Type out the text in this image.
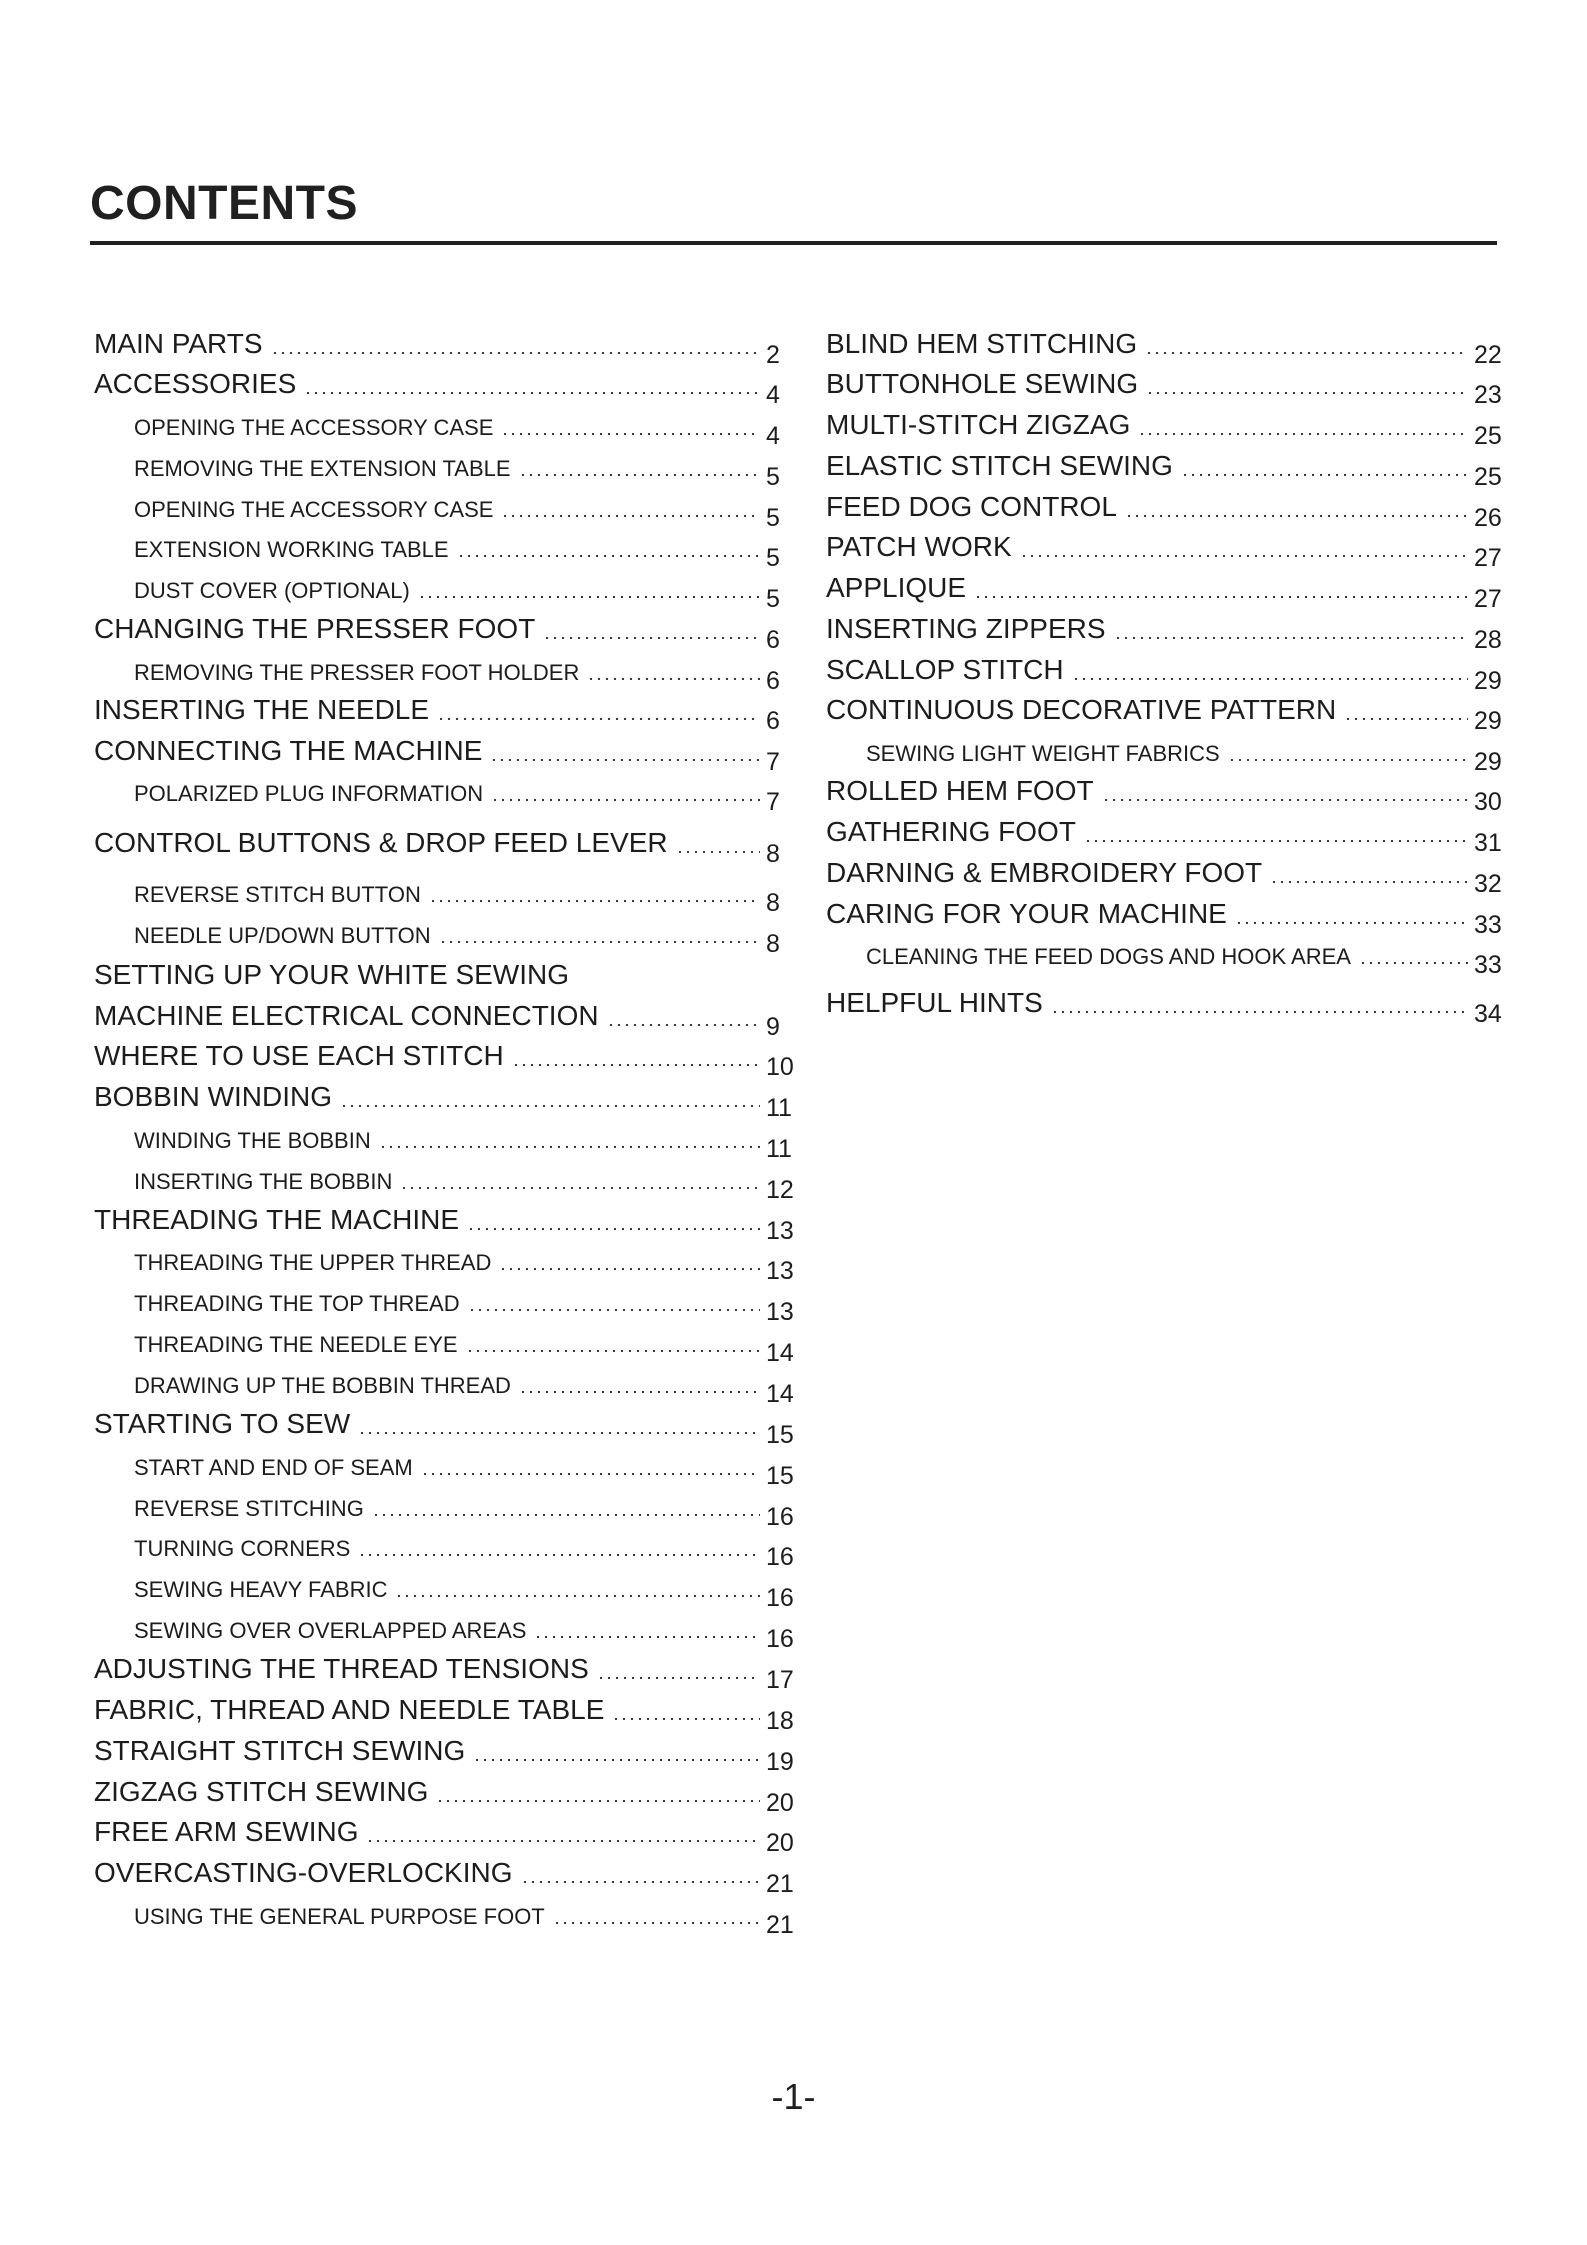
CONTENTS
MAIN PARTS	2
ACCESSORIES	4
OPENING THE ACCESSORY CASE	4
REMOVING THE EXTENSION TABLE	5
OPENING THE ACCESSORY CASE	5
EXTENSION WORKING TABLE	5
DUST COVER (OPTIONAL)	5
CHANGING THE PRESSER FOOT	6
REMOVING THE PRESSER FOOT HOLDER	6
INSERTING THE NEEDLE	6
CONNECTING THE MACHINE	7
POLARIZED PLUG INFORMATION	7
CONTROL BUTTONS & DROP FEED LEVER	8
REVERSE STITCH BUTTON	8
NEEDLE UP/DOWN BUTTON	8
SETTING UP YOUR WHITE SEWING
MACHINE ELECTRICAL CONNECTION	9
WHERE TO USE EACH STITCH	10
BOBBIN WINDING	11
WINDING THE BOBBIN	11
INSERTING THE BOBBIN	12
THREADING THE MACHINE	13
THREADING THE UPPER THREAD	13
THREADING THE TOP THREAD	13
THREADING THE NEEDLE EYE	14
DRAWING UP THE BOBBIN THREAD	14
STARTING TO SEW	15
START AND END OF SEAM	15
REVERSE STITCHING	16
TURNING CORNERS	16
SEWING HEAVY FABRIC	16
SEWING OVER OVERLAPPED AREAS	16
ADJUSTING THE THREAD TENSIONS	17
FABRIC, THREAD AND NEEDLE TABLE	18
STRAIGHT STITCH SEWING	19
ZIGZAG STITCH SEWING	20
FREE ARM SEWING	20
OVERCASTING-OVERLOCKING	21
USING THE GENERAL PURPOSE FOOT	21
BLIND HEM STITCHING	22
BUTTONHOLE SEWING	23
MULTI-STITCH ZIGZAG	25
ELASTIC STITCH SEWING	25
FEED DOG CONTROL	26
PATCH WORK	27
APPLIQUE	27
INSERTING ZIPPERS	28
SCALLOP STITCH	29
CONTINUOUS DECORATIVE PATTERN	29
SEWING LIGHT WEIGHT FABRICS	29
ROLLED HEM FOOT	30
GATHERING FOOT	31
DARNING & EMBROIDERY FOOT	32
CARING FOR YOUR MACHINE	33
CLEANING THE FEED DOGS AND HOOK AREA	33
HELPFUL HINTS	34
-1-
